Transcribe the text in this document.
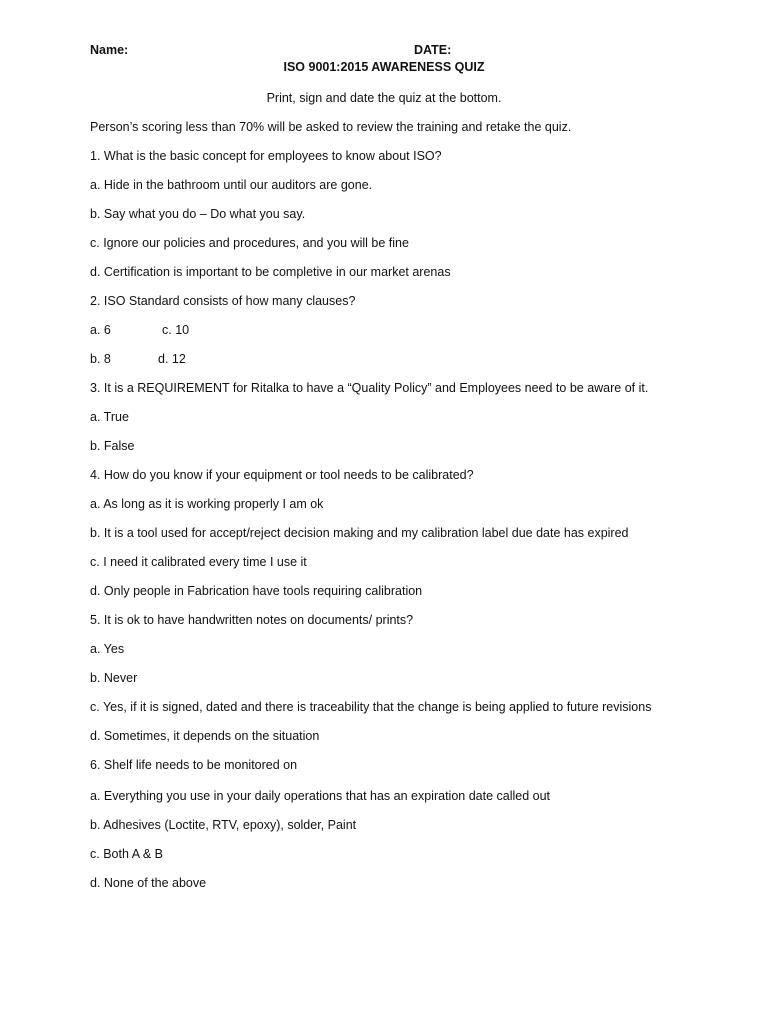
Name:	DATE:
ISO 9001:2015 AWARENESS QUIZ
Print, sign and date the quiz at the bottom.
Person’s scoring less than 70% will be asked to review the training and retake the quiz.
1. What is the basic concept for employees to know about ISO?
a. Hide in the bathroom until our auditors are gone.
b. Say what you do – Do what you say.
c. Ignore our policies and procedures, and you will be fine
d. Certification is important to be completive in our market arenas
2. ISO Standard consists of how many clauses?
a. 6	c. 10
b. 8	d. 12
3. It is a REQUIREMENT for Ritalka to have a “Quality Policy” and Employees need to be aware of it.
a. True
b. False
4. How do you know if your equipment or tool needs to be calibrated?
a. As long as it is working properly I am ok
b. It is a tool used for accept/reject decision making and my calibration label due date has expired
c. I need it calibrated every time I use it
d. Only people in Fabrication have tools requiring calibration
5. It is ok to have handwritten notes on documents/ prints?
a. Yes
b. Never
c. Yes, if it is signed, dated and there is traceability that the change is being applied to future revisions
d. Sometimes, it depends on the situation
6. Shelf life needs to be monitored on
a. Everything you use in your daily operations that has an expiration date called out
b. Adhesives (Loctite, RTV, epoxy), solder, Paint
c. Both A & B
d. None of the above
